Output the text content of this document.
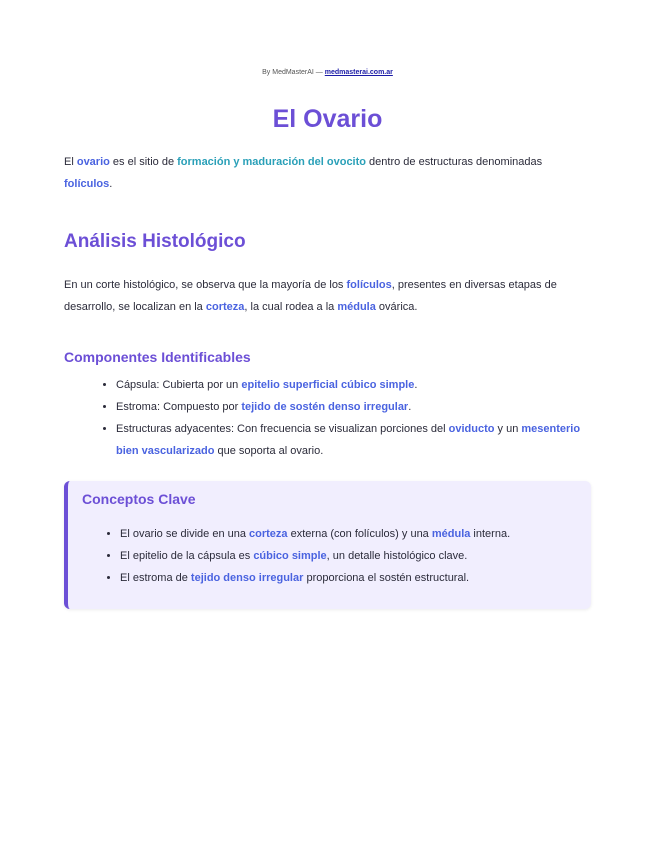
By MedMasterAI — medmasterai.com.ar
El Ovario

El ovario es el sitio de formación y maduración del ovocito dentro de estructuras denominadas folículos.

Análisis Histológico

En un corte histológico, se observa que la mayoría de los folículos, presentes en diversas etapas de desarrollo, se localizan en la corteza, la cual rodea a la médula ovárica.

Componentes Identificables
• Cápsula: Cubierta por un epitelio superficial cúbico simple.
• Estroma: Compuesto por tejido de sostén denso irregular.
• Estructuras adyacentes: Con frecuencia se visualizan porciones del oviducto y un mesenterio bien vascularizado que soporta al ovario.
Conceptos Clave
• El ovario se divide en una corteza externa (con folículos) y una médula interna.
• El epitelio de la cápsula es cúbico simple, un detalle histológico clave.
• El estroma de tejido denso irregular proporciona el sostén estructural.
